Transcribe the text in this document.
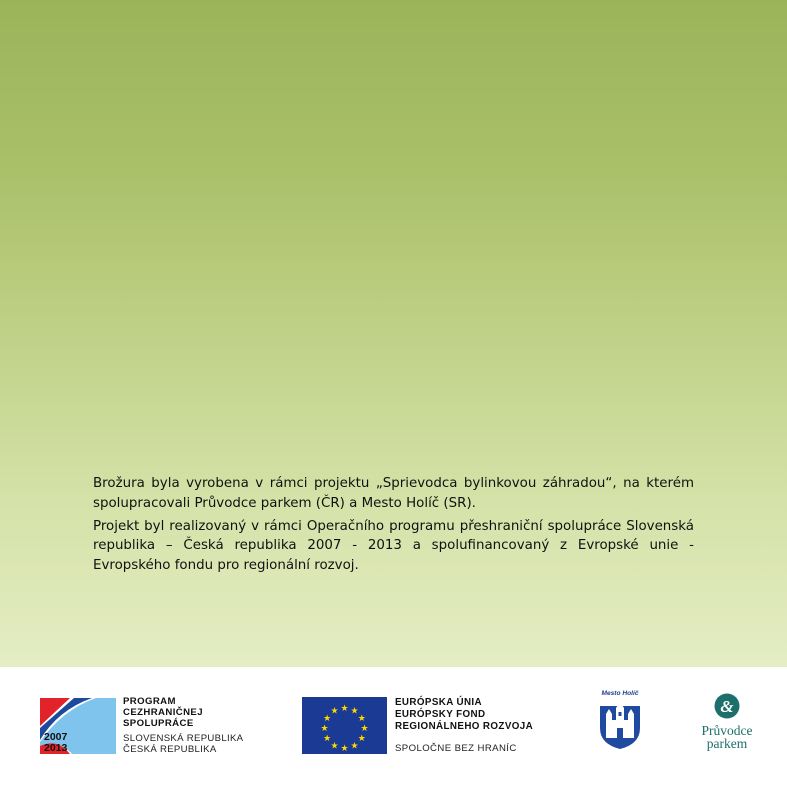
Brožura byla vyrobena v rámci projektu „Sprievodca bylinkovou záhradou“, na kterém spolupracovali Průvodce parkem (ČR) a Mesto Holíč (SR).

Projekt byl realizovaný v rámci Operačního programu přeshraniční spolupráce Slovenská republika – Česká republika 2007 - 2013 a spolufinancovaný z Evropské unie - Evropského fondu pro regionální rozvoj.

2007
2013
PROGRAM
CEZHRANIČNEJ
SPOLUPRÁCE
SLOVENSKÁ REPUBLIKA
ČESKÁ REPUBLIKA
★ ★
★
★
★
★
★
★
★
★
★
★
EURÓPSKA ÚNIA
EURÓPSKY FOND
REGIONÁLNEHO ROZVOJA
SPOLOČNE BEZ HRANÍC
Mesto Holíč
&
Průvodce
parkem
